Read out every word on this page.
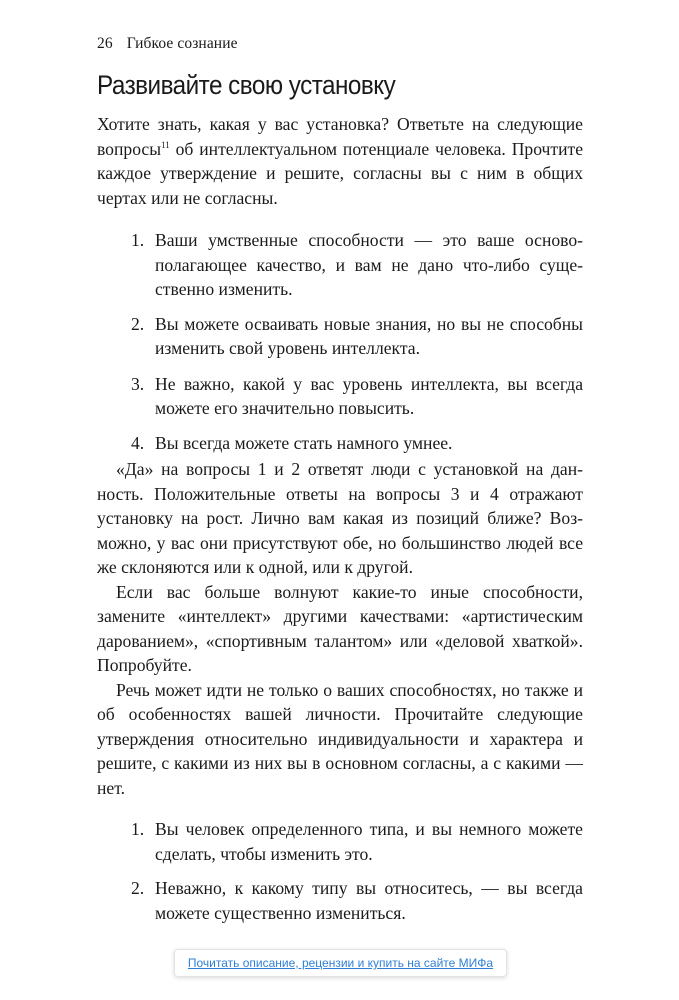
26 Гибкое сознание
Развивайте свою установку

Хотите знать, какая у вас установка? Ответьте на следующие вопросы$^{11}$ об интеллектуальном потенциале человека. Прочтите каждое утверждение и решите, согласны вы с ним в общих чертах или не согласны.

1. Ваши умственные способности — это ваше основополагающее качество, и вам не дано что-либо существенно изменить.
2. Вы можете осваивать новые знания, но вы не способны изменить свой уровень интеллекта.
3. Не важно, какой у вас уровень интеллекта, вы всегда можете его значительно повысить.
4. Вы всегда можете стать намного умнее.

«Да» на вопросы 1 и 2 ответят люди с установкой на данность. Положительные ответы на вопросы 3 и 4 отражают установку на рост. Лично вам какая из позиций ближе? Возможно, у вас они присутствуют обе, но большинство людей все же склоняются или к одной, или к другой.

Если вас больше волнуют какие-то иные способности, замените «интеллект» другими качествами: «артистическим дарованием», «спортивным талантом» или «деловой хваткой». Попробуйте.

Речь может идти не только о ваших способностях, но также и об особенностях вашей личности. Прочитайте следующие утверждения относительно индивидуальности и характера и решите, с какими из них вы в основном согласны, а с какими — нет.

1. Вы человек определенного типа, и вы немного можете сделать, чтобы изменить это.
2. Неважно, к какому типу вы относитесь, — вы всегда можете существенно измениться.
Почитать описание, рецензии и купить на сайте МИФа
